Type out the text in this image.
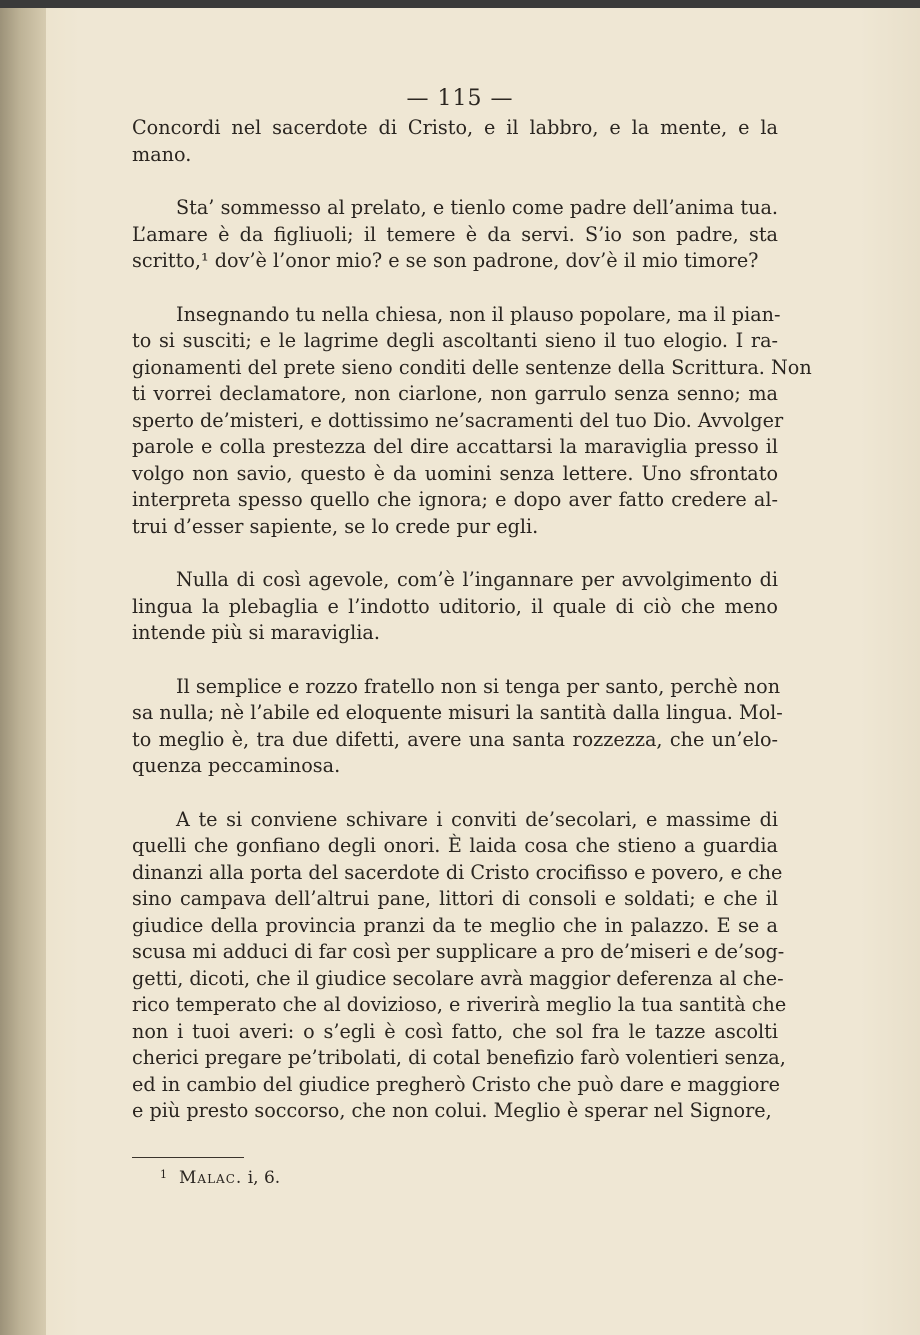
— 115 —
Concordi nel sacerdote di Cristo, e il labbro, e la mente, e la
mano.
Sta’ sommesso al prelato, e tienlo come padre dell’anima tua.
L’amare è da figliuoli; il temere è da servi. S’io son padre, sta
scritto,¹ dov’è l’onor mio? e se son padrone, dov’è il mio timore?
Insegnando tu nella chiesa, non il plauso popolare, ma il pian-
to si susciti; e le lagrime degli ascoltanti sieno il tuo elogio. I ra-
gionamenti del prete sieno conditi delle sentenze della Scrittura. Non
ti vorrei declamatore, non ciarlone, non garrulo senza senno; ma
sperto de’misteri, e dottissimo ne’sacramenti del tuo Dio. Avvolger
parole e colla prestezza del dire accattarsi la maraviglia presso il
volgo non savio, questo è da uomini senza lettere. Uno sfrontato
interpreta spesso quello che ignora; e dopo aver fatto credere al-
trui d’esser sapiente, se lo crede pur egli.
Nulla di così agevole, com’è l’ingannare per avvolgimento di
lingua la plebaglia e l’indotto uditorio, il quale di ciò che meno
intende più si maraviglia.
Il semplice e rozzo fratello non si tenga per santo, perchè non
sa nulla; nè l’abile ed eloquente misuri la santità dalla lingua. Mol-
to meglio è, tra due difetti, avere una santa rozzezza, che un’elo-
quenza peccaminosa.
A te si conviene schivare i conviti de’secolari, e massime di
quelli che gonfiano degli onori. È laida cosa che stieno a guardia
dinanzi alla porta del sacerdote di Cristo crocifisso e povero, e che
sino campava dell’altrui pane, littori di consoli e soldati; e che il
giudice della provincia pranzi da te meglio che in palazzo. E se a
scusa mi adduci di far così per supplicare a pro de’miseri e de’sog-
getti, dicoti, che il giudice secolare avrà maggior deferenza al che-
rico temperato che al dovizioso, e riverirà meglio la tua santità che
non i tuoi averi: o s’egli è così fatto, che sol fra le tazze ascolti
cherici pregare pe’tribolati, di cotal benefizio farò volentieri senza,
ed in cambio del giudice pregherò Cristo che può dare e maggiore
e più presto soccorso, che non colui. Meglio è sperar nel Signore,
$^1$ Malac. i, 6.
